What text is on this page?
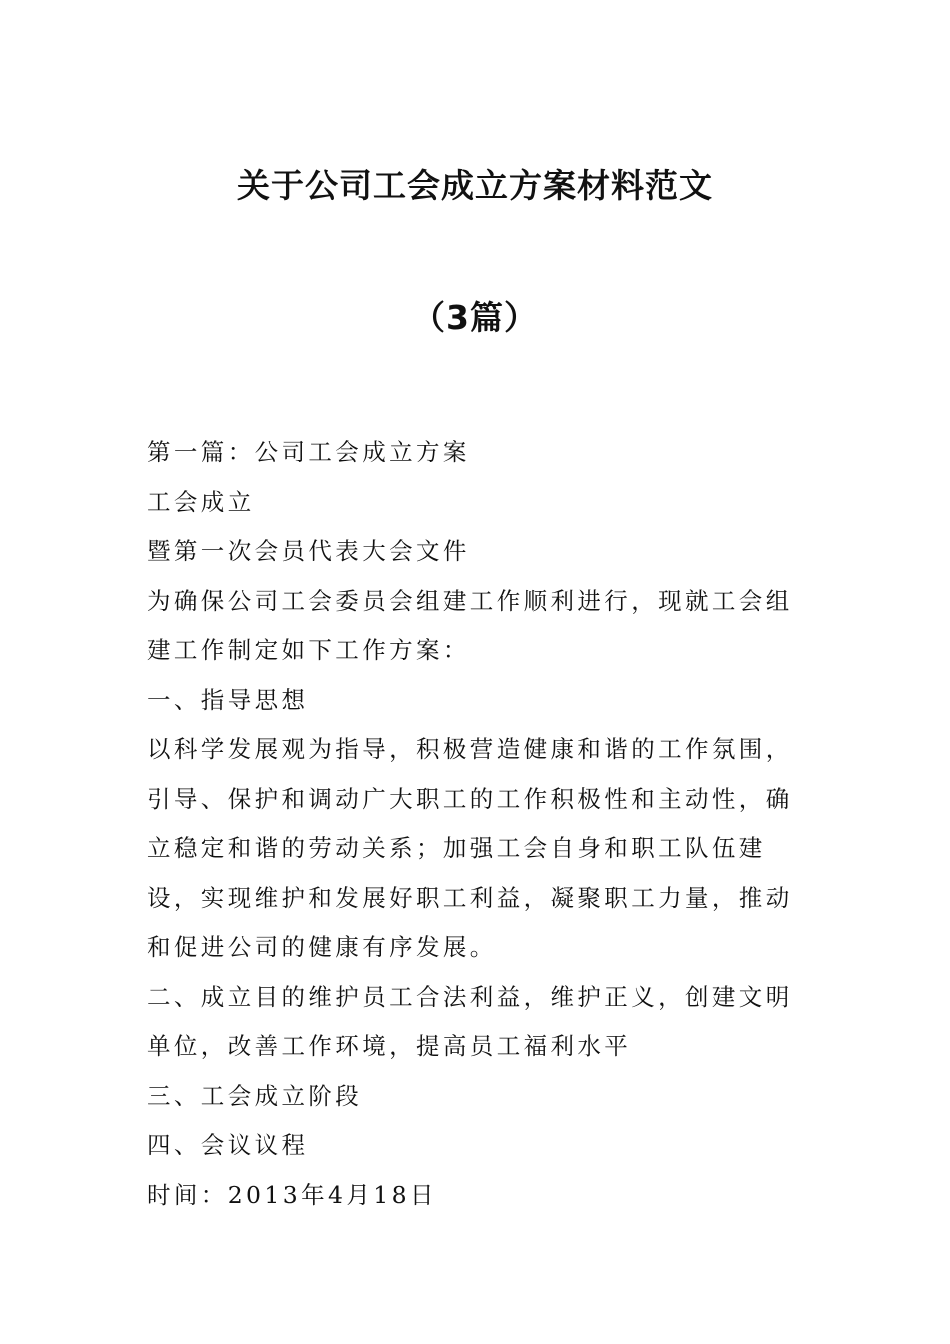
关于公司工会成立方案材料范文
（3篇）

第一篇：公司工会成立方案

工会成立

暨第一次会员代表大会文件

为确保公司工会委员会组建工作顺利进行，现就工会组建工作制定如下工作方案：

一、指导思想

以科学发展观为指导，积极营造健康和谐的工作氛围，引导、保护和调动广大职工的工作积极性和主动性，确立稳定和谐的劳动关系；加强工会自身和职工队伍建设，实现维护和发展好职工利益，凝聚职工力量，推动和促进公司的健康有序发展。

二、成立目的维护员工合法利益，维护正义，创建文明单位，改善工作环境，提高员工福利水平

三、工会成立阶段

四、会议议程

时间：2013年4月18日
